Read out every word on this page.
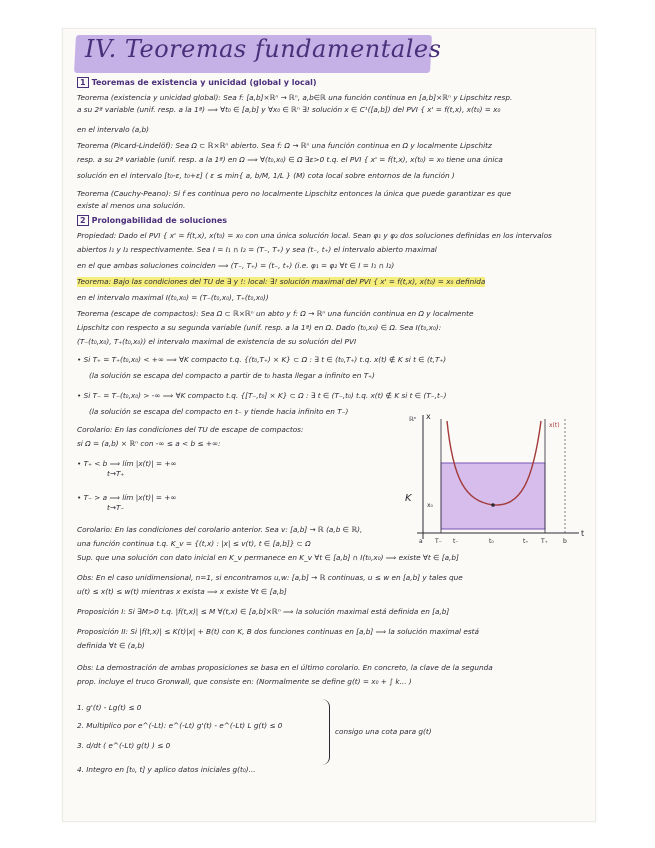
IV. Teoremas fundamentales
1 Teoremas de existencia y unicidad (global y local)
Teorema (existencia y unicidad global): Sea f: [a,b]×ℝⁿ → ℝⁿ, a,b∈ℝ una función continua en [a,b]×ℝⁿ y Lipschitz resp.
a su 2ª variable (unif. resp. a la 1ª) ⟹ ∀t₀ ∈ [a,b] y ∀x₀ ∈ ℝⁿ ∃! solución x ∈ C¹([a,b]) del PVI { x' = f(t,x), x(t₀) = x₀
en el intervalo (a,b)
Teorema (Picard-Lindelöf): Sea Ω ⊂ ℝ×ℝⁿ abierto. Sea f: Ω → ℝⁿ una función continua en Ω y localmente Lipschitz
resp. a su 2ª variable (unif. resp. a la 1ª) en Ω ⟹ ∀(t₀,x₀) ∈ Ω ∃ε>0 t.q. el PVI { x' = f(t,x), x(t₀) = x₀ tiene una única
solución en el intervalo [t₀-ε, t₀+ε] ( ε ≤ min{ a, b/M, 1/L } (M) cota local sobre entornos de la función )
Teorema (Cauchy-Peano): Si f es continua pero no localmente Lipschitz entonces la única que puede garantizar es que
existe al menos una solución.
2 Prolongabilidad de soluciones
Propiedad: Dado el PVI { x' = f(t,x), x(t₀) = x₀ con una única solución local. Sean φ₁ y φ₂ dos soluciones definidas en los intervalos
abiertos I₁ y I₂ respectivamente. Sea I = I₁ ∩ I₂ = (T₋, T₊) y sea (t₋, t₊) el intervalo abierto maximal
en el que ambas soluciones coinciden ⟹ (T₋, T₊) = (t₋, t₊) (i.e. φ₁ = φ₂ ∀t ∈ I = I₁ ∩ I₂)
Teorema: Bajo las condiciones del TU de ∃ y !: local: ∃! solución maximal del PVI { x' = f(t,x), x(t₀) = x₀ definida
en el intervalo maximal I(t₀,x₀) = (T₋(t₀,x₀), T₊(t₀,x₀))
Teorema (escape de compactos): Sea Ω ⊂ ℝ×ℝⁿ un abto y f: Ω → ℝⁿ una función continua en Ω y localmente
Lipschitz con respecto a su segunda variable (unif. resp. a la 1ª) en Ω. Dado (t₀,x₀) ∈ Ω. Sea I(t₀,x₀):
(T₋(t₀,x₀), T₊(t₀,x₀)) el intervalo maximal de existencia de su solución del PVI
• Si T₊ = T₊(t₀,x₀) < +∞ ⟹ ∀K compacto t.q. {(t₀,T₊) × K} ⊂ Ω : ∃ t ∈ (t₀,T₊) t.q. x(t) ∉ K si t ∈ (t,T₊)
(la solución se escapa del compacto a partir de t₀ hasta llegar a infinito en T₊)
• Si T₋ = T₋(t₀,x₀) > -∞ ⟹ ∀K compacto t.q. {[T₋,t₀] × K} ⊂ Ω : ∃ t ∈ (T₋,t₀) t.q. x(t) ∉ K si t ∈ (T₋,t₋)
(la solución se escapa del compacto en t₋ y tiende hacia infinito en T₋)
Corolario: En las condiciones del TU de escape de compactos:
si Ω = (a,b) × ℝⁿ con -∞ ≤ a < b ≤ +∞:
• T₊ < b ⟹ lím |x(t)| = +∞
t→T₊
• T₋ > a ⟹ lím |x(t)| = +∞
t→T₋
t
x
ℝⁿ
K
x₀
x(t)
a T₋ t₋	t₀	t₊ T₊	b
Corolario: En las condiciones del corolario anterior. Sea v: [a,b] → ℝ (a,b ∈ ℝ),
una función continua t.q. K_v = {(t,x) : |x| ≤ v(t), t ∈ [a,b]} ⊂ Ω
Sup. que una solución con dato inicial en K_v permanece en K_v ∀t ∈ [a,b] ∩ I(t₀,x₀) ⟹ existe ∀t ∈ [a,b]
Obs: En el caso unidimensional, n=1, si encontramos u,w: [a,b] → ℝ continuas, u ≤ w en [a,b] y tales que
u(t) ≤ x(t) ≤ w(t) mientras x exista ⟹ x existe ∀t ∈ [a,b]
Proposición I: Si ∃M>0 t.q. |f(t,x)| ≤ M ∀(t,x) ∈ [a,b]×ℝⁿ ⟹ la solución maximal está definida en [a,b]
Proposición II: Si |f(t,x)| ≤ K(t)|x| + B(t) con K, B dos funciones continuas en [a,b] ⟹ la solución maximal está
definida ∀t ∈ (a,b)
Obs: La demostración de ambas proposiciones se basa en el último corolario. En concreto, la clave de la segunda
prop. incluye el truco Gronwall, que consiste en: (Normalmente se define g(t) = x₀ + ∫ k... )
1. g'(t) - Lg(t) ≤ 0
2. Multiplico por e^(-Lt): e^(-Lt) g'(t) - e^(-Lt) L g(t) ≤ 0
3. d/dt ( e^(-Lt) g(t) ) ≤ 0
4. Integro en [t₀, t] y aplico datos iniciales g(t₀)...
consigo una cota para g(t)
